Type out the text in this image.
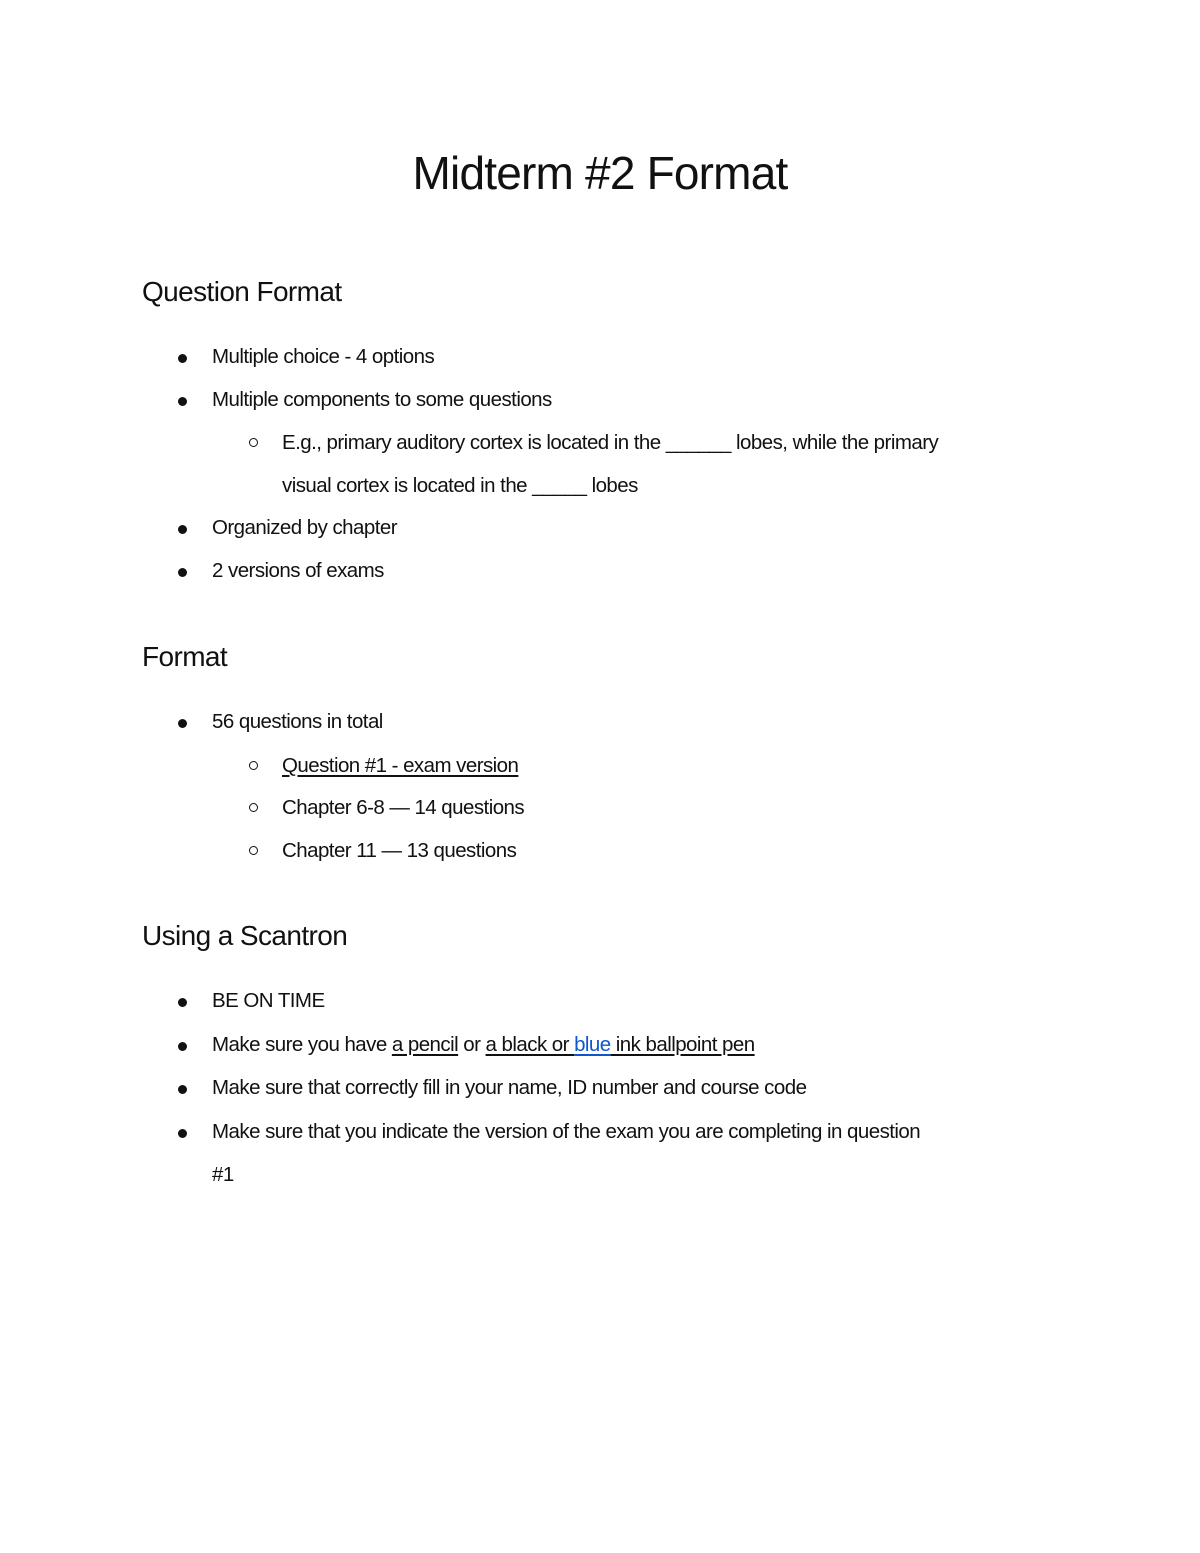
Midterm #2 Format
Question Format
Multiple choice - 4 options
Multiple components to some questions
E.g., primary auditory cortex is located in the ______ lobes, while the primary
visual cortex is located in the _____ lobes
Organized by chapter
2 versions of exams
Format
56 questions in total
Question #1 - exam version
Chapter 6-8 — 14 questions
Chapter 11 — 13 questions
Using a Scantron
BE ON TIME
Make sure you have a pencil or a black or blue ink ballpoint pen
Make sure that correctly fill in your name, ID number and course code
Make sure that you indicate the version of the exam you are completing in question
#1
